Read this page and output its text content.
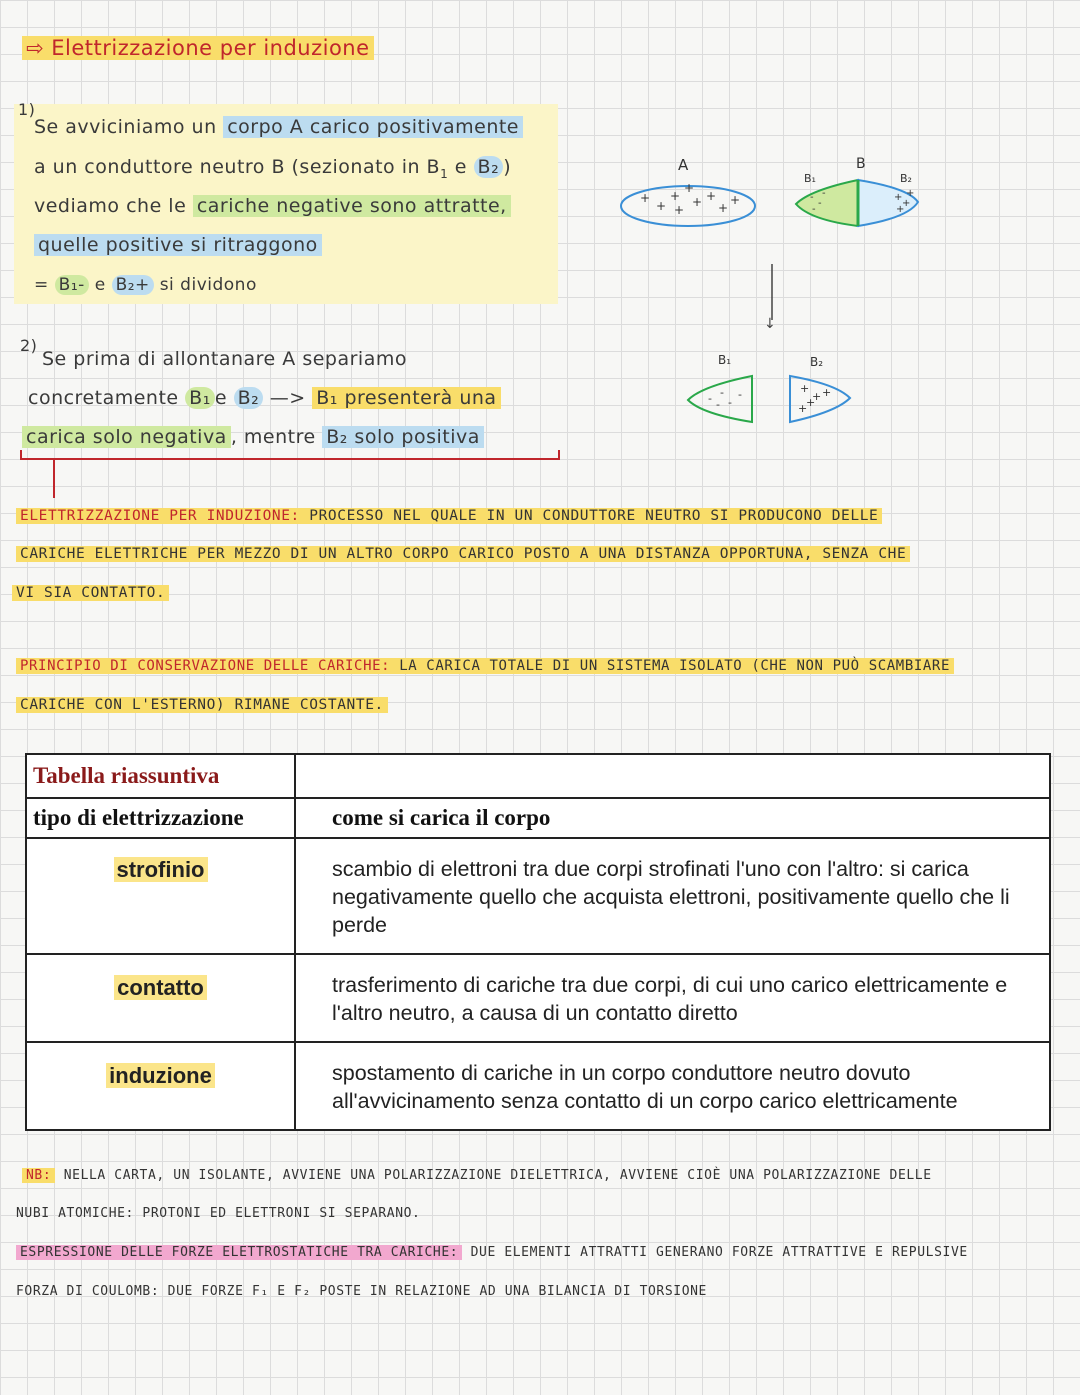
⇨ Elettrizzazione per induzione
1)
Se avviciniamo un corpo A carico positivamente
a un conduttore neutro B (sezionato in $B_1$ e B₂ )
vediamo che le cariche negative sono attratte,
quelle positive si ritraggono
= B₁- e B₂+ si dividono
2)
Se prima di allontanare A separiamo
concretamente B₁ e B₂ —> B₁ presenterà una
carica solo negativa , mentre B₂ solo positiva
A
+
+
+
+
+ +
+
+
+
B
B₁	B₂
-
-
-
-	+
+
+
+
↓
B₁	B₂
- -
-
-
-
+
+ +
+
+
ELETTRIZZAZIONE PER INDUZIONE: PROCESSO NEL QUALE IN UN CONDUTTORE NEUTRO SI PRODUCONO DELLE
CARICHE ELETTRICHE PER MEZZO DI UN ALTRO CORPO CARICO POSTO A UNA DISTANZA OPPORTUNA, SENZA CHE
VI SIA CONTATTO.
PRINCIPIO DI CONSERVAZIONE DELLE CARICHE: LA CARICA TOTALE DI UN SISTEMA ISOLATO (CHE NON PUÒ SCAMBIARE
CARICHE CON L'ESTERNO) RIMANE COSTANTE.
Tabella riassuntiva	
tipo di elettrizzazione	come si carica il corpo
strofinio	scambio di elettroni tra due corpi strofinati l'uno con l'altro: si carica negativamente quello che acquista elettroni, positivamente quello che li perde
contatto	trasferimento di cariche tra due corpi, di cui uno carico elettricamente e l'altro neutro, a causa di un contatto diretto
induzione	spostamento di cariche in un corpo conduttore neutro dovuto all'avvicinamento senza contatto di un corpo carico elettricamente
NB: NELLA CARTA, UN ISOLANTE, AVVIENE UNA POLARIZZAZIONE DIELETTRICA, AVVIENE CIOÈ UNA POLARIZZAZIONE DELLE
NUBI ATOMICHE: PROTONI ED ELETTRONI SI SEPARANO.
ESPRESSIONE DELLE FORZE ELETTROSTATICHE TRA CARICHE: DUE ELEMENTI ATTRATTI GENERANO FORZE ATTRATTIVE E REPULSIVE
FORZA DI COULOMB: DUE FORZE F₁ E F₂ POSTE IN RELAZIONE AD UNA BILANCIA DI TORSIONE
